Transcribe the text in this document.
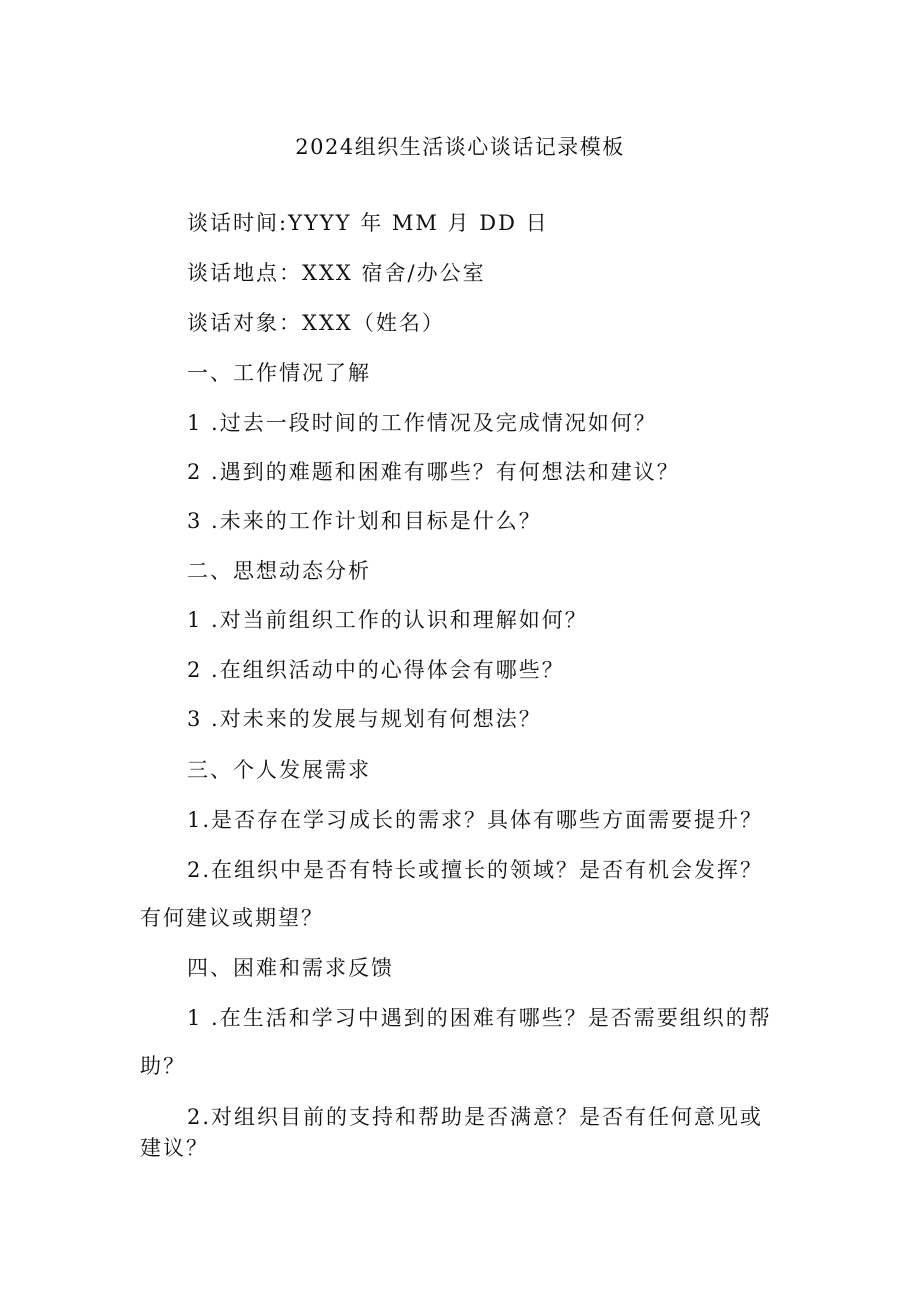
2024组织生活谈心谈话记录模板
谈话时间:YYYY 年 MM 月 DD 日
谈话地点：XXX 宿舍/办公室
谈话对象：XXX（姓名）
一、工作情况了解
1 .过去一段时间的工作情况及完成情况如何？
2 .遇到的难题和困难有哪些？有何想法和建议？
3 .未来的工作计划和目标是什么？
二、思想动态分析
1 .对当前组织工作的认识和理解如何？
2 .在组织活动中的心得体会有哪些？
3 .对未来的发展与规划有何想法？
三、个人发展需求
1.是否存在学习成长的需求？具体有哪些方面需要提升？
2.在组织中是否有特长或擅长的领域？是否有机会发挥？
有何建议或期望？
四、困难和需求反馈
1 .在生活和学习中遇到的困难有哪些？是否需要组织的帮
助？
2.对组织目前的支持和帮助是否满意？是否有任何意见或
建议？
